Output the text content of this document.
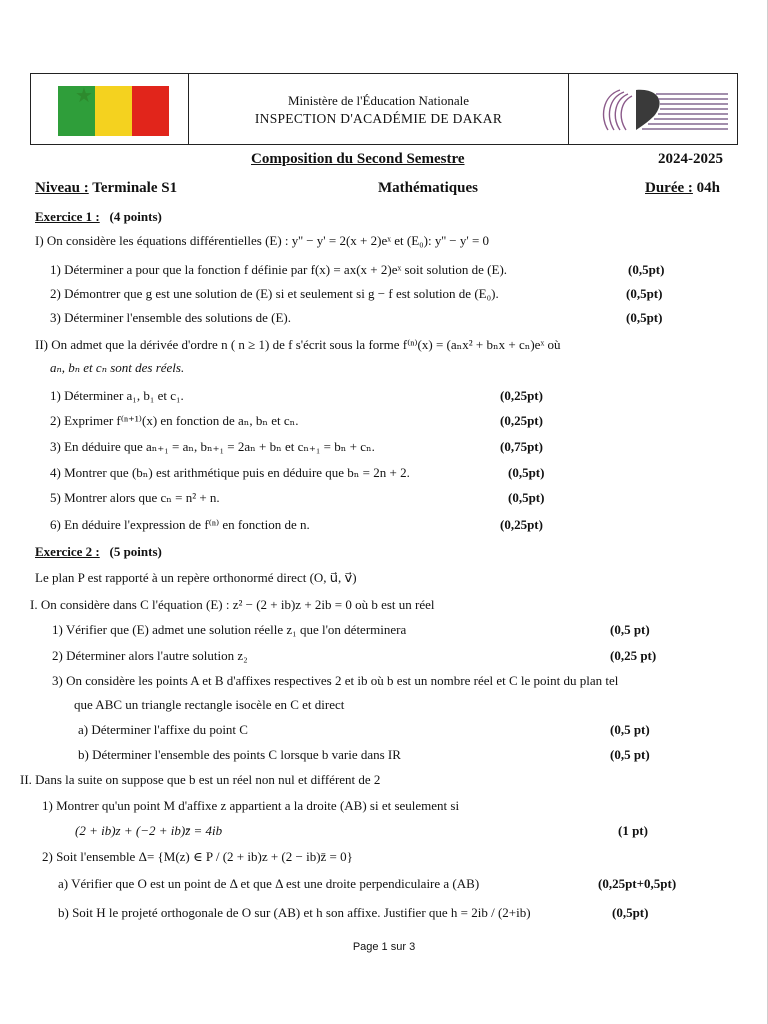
★	Ministère de l'Éducation Nationale
INSPECTION D'ACADÉMIE DE DAKAR
Composition du Second Semestre	2024-2025
Niveau : Terminale S1	Mathématiques	Durée : 04h
Exercice 1 : (4 points)
I) On considère les équations différentielles (E) : y'' − y' = 2(x + 2)eˣ et (E₀): y'' − y' = 0
1) Déterminer a pour que la fonction f définie par f(x) = ax(x + 2)eˣ soit solution de (E).	(0,5pt)
2) Démontrer que g est une solution de (E) si et seulement si g − f est solution de (E₀).	(0,5pt)
3) Déterminer l'ensemble des solutions de (E).	(0,5pt)
II) On admet que la dérivée d'ordre n ( n ≥ 1) de f s'écrit sous la forme f⁽ⁿ⁾(x) = (aₙx² + bₙx + cₙ)eˣ où
aₙ, bₙ et cₙ sont des réels.
1) Déterminer a₁, b₁ et c₁.	(0,25pt)
2) Exprimer f⁽ⁿ⁺¹⁾(x) en fonction de aₙ, bₙ et cₙ.	(0,25pt)
3) En déduire que aₙ₊₁ = aₙ, bₙ₊₁ = 2aₙ + bₙ et cₙ₊₁ = bₙ + cₙ.	(0,75pt)
4) Montrer que (bₙ) est arithmétique puis en déduire que bₙ = 2n + 2.	(0,5pt)
5) Montrer alors que cₙ = n² + n.	(0,5pt)
6) En déduire l'expression de f⁽ⁿ⁾ en fonction de n.	(0,25pt)
Exercice 2 : (5 points)
Le plan P est rapporté à un repère orthonormé direct (O, u⃗, v⃗)
I. On considère dans C l'équation (E) : z² − (2 + ib)z + 2ib = 0 où b est un réel
1) Vérifier que (E) admet une solution réelle z₁ que l'on déterminera	(0,5 pt)
2) Déterminer alors l'autre solution z₂	(0,25 pt)
3) On considère les points A et B d'affixes respectives 2 et ib où b est un nombre réel et C le point du plan tel
que ABC un triangle rectangle isocèle en C et direct
a) Déterminer l'affixe du point C	(0,5 pt)
b) Déterminer l'ensemble des points C lorsque b varie dans IR	(0,5 pt)
II. Dans la suite on suppose que b est un réel non nul et différent de 2
1) Montrer qu'un point M d'affixe z appartient a la droite (AB) si et seulement si
(2 + ib)z + (−2 + ib)z̄ = 4ib	(1 pt)
2) Soit l'ensemble Δ= {M(z) ∈ P / (2 + ib)z + (2 − ib)z̄ = 0}
a) Vérifier que O est un point de Δ et que Δ est une droite perpendiculaire a (AB)	(0,25pt+0,5pt)
b) Soit H le projeté orthogonale de O sur (AB) et h son affixe. Justifier que h = 2ib / (2+ib)	(0,5pt)
Page 1 sur 3
